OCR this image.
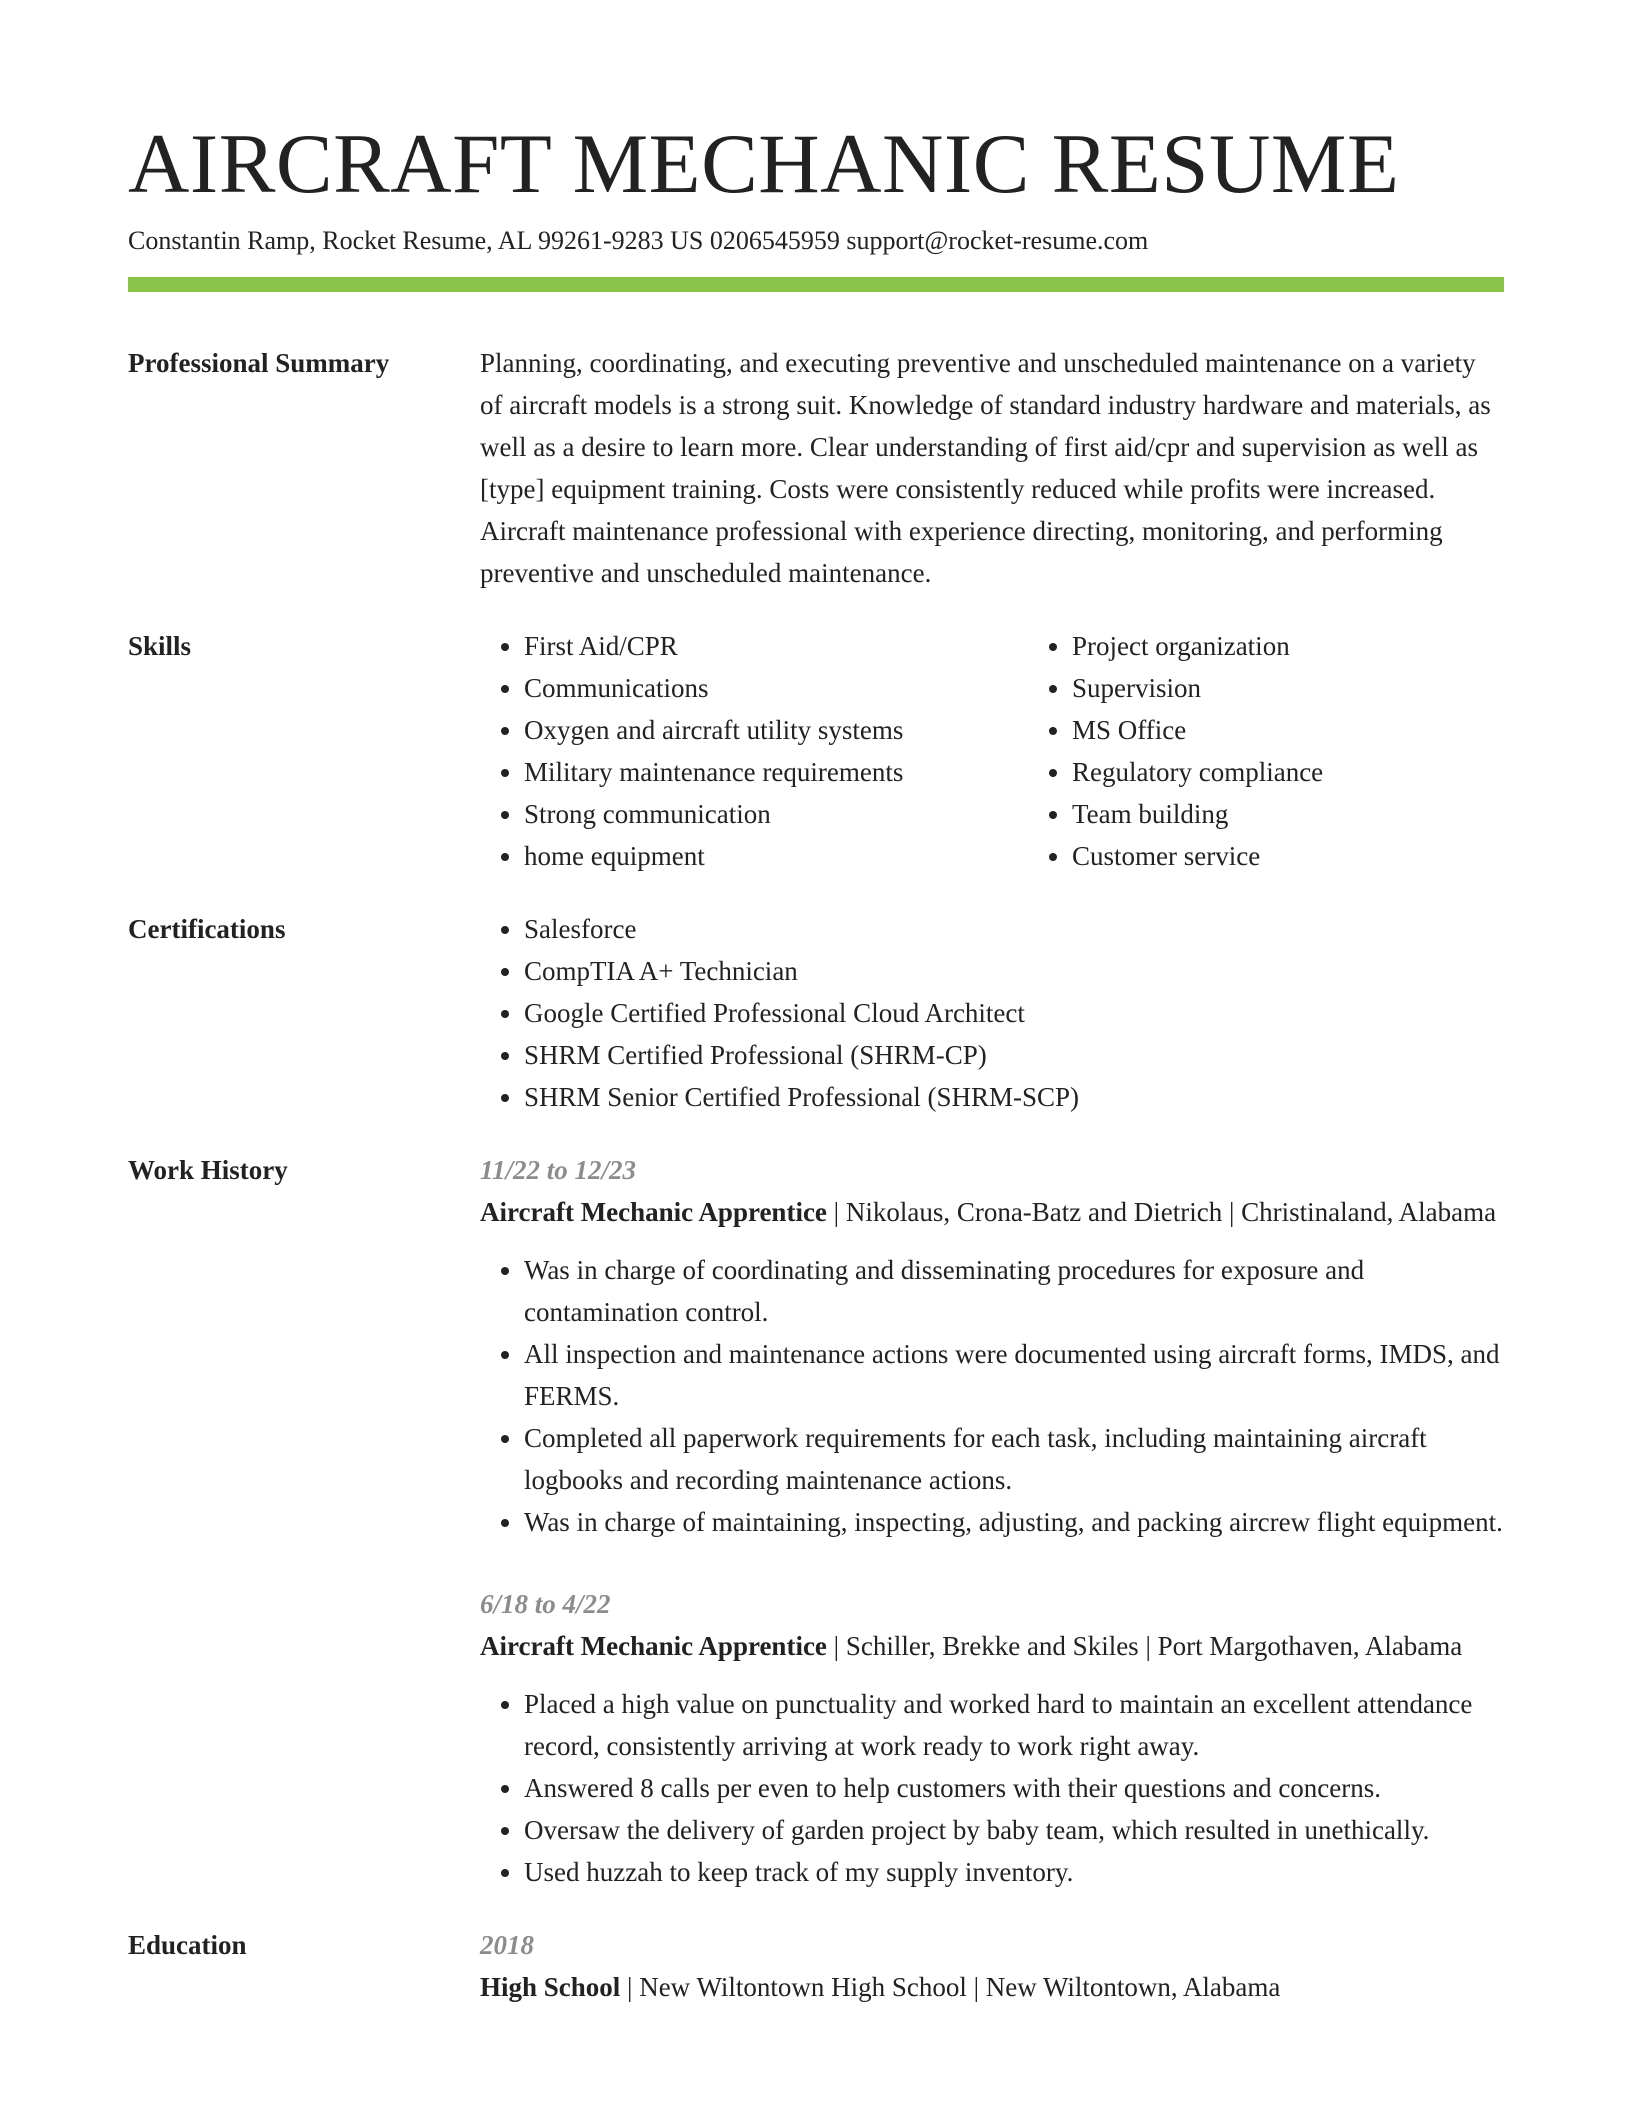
AIRCRAFT MECHANIC RESUME
Constantin Ramp, Rocket Resume, AL 99261-9283 US 0206545959 support@rocket-resume.com
Professional Summary	Planning, coordinating, and executing preventive and unscheduled maintenance on a variety of aircraft models is a strong suit. Knowledge of standard industry hardware and materials, as well as a desire to learn more. Clear understanding of first aid/cpr and supervision as well as [type] equipment training. Costs were consistently reduced while profits were increased. Aircraft maintenance professional with experience directing, monitoring, and performing preventive and unscheduled maintenance.

Skills	• First Aid/CPR
• Communications
• Oxygen and aircraft utility systems
• Military maintenance requirements
• Strong communication
• home equipment
• Project organization
• Supervision
• MS Office
• Regulatory compliance
• Team building
• Customer service
Certifications	• Salesforce
• CompTIA A+ Technician
• Google Certified Professional Cloud Architect
• SHRM Certified Professional (SHRM-CP)
• SHRM Senior Certified Professional (SHRM-SCP)
Work History	11/22 to 12/23
Aircraft Mechanic Apprentice | Nikolaus, Crona-Batz and Dietrich | Christinaland, Alabama
• Was in charge of coordinating and disseminating procedures for exposure and contamination control.
• All inspection and maintenance actions were documented using aircraft forms, IMDS, and FERMS.
• Completed all paperwork requirements for each task, including maintaining aircraft logbooks and recording maintenance actions.
• Was in charge of maintaining, inspecting, adjusting, and packing aircrew flight equipment.
6/18 to 4/22
Aircraft Mechanic Apprentice | Schiller, Brekke and Skiles | Port Margothaven, Alabama
• Placed a high value on punctuality and worked hard to maintain an excellent attendance record, consistently arriving at work ready to work right away.
• Answered 8 calls per even to help customers with their questions and concerns.
• Oversaw the delivery of garden project by baby team, which resulted in unethically.
• Used huzzah to keep track of my supply inventory.
Education	2018
High School | New Wiltontown High School | New Wiltontown, Alabama
